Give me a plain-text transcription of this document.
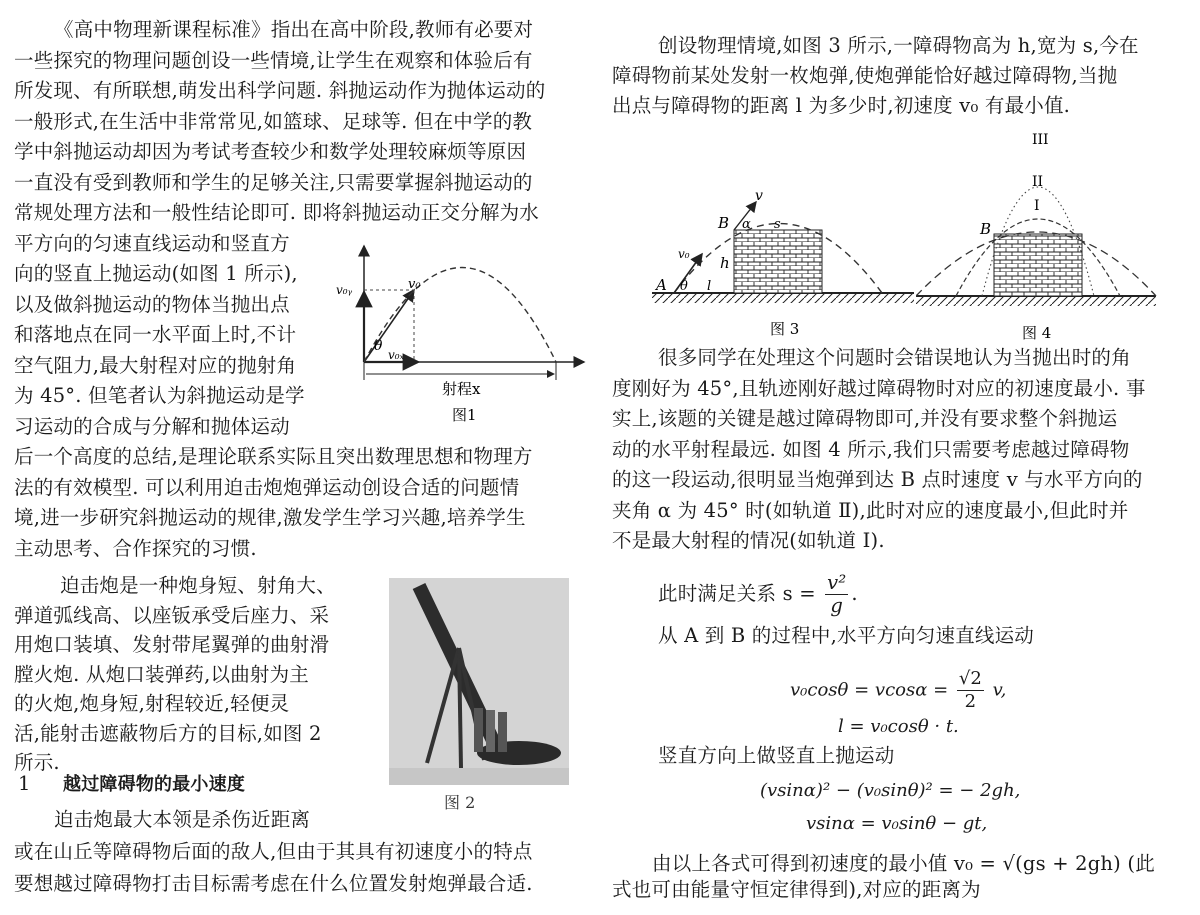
《高中物理新课程标准》指出在高中阶段,教师有必要对
一些探究的物理问题创设一些情境,让学生在观察和体验后有
所发现、有所联想,萌发出科学问题. 斜抛运动作为抛体运动的
一般形式,在生活中非常常见,如篮球、足球等. 但在中学的教
学中斜抛运动却因为考试考查较少和数学处理较麻烦等原因
一直没有受到教师和学生的足够关注,只需要掌握斜抛运动的
常规处理方法和一般性结论即可. 即将斜抛运动正交分解为水
平方向的匀速直线运动和竖直方
向的竖直上抛运动(如图 1 所示),
以及做斜抛运动的物体当抛出点
和落地点在同一水平面上时,不计
空气阻力,最大射程对应的抛射角
为 45°. 但笔者认为斜抛运动是学
习运动的合成与分解和抛体运动
后一个高度的总结,是理论联系实际且突出数理思想和物理方
法的有效模型. 可以利用迫击炮炮弹运动创设合适的问题情
境,进一步研究斜抛运动的规律,激发学生学习兴趣,培养学生
主动思考、合作探究的习惯.
v₀
v₀ᵧ
v₀ₓ
θ
射程x
图1
迫击炮是一种炮身短、射角大、
弹道弧线高、以座钣承受后座力、采
用炮口装填、发射带尾翼弹的曲射滑
膛火炮. 从炮口装弹药,以曲射为主
的火炮,炮身短,射程较近,轻便灵
活,能射击遮蔽物后方的目标,如图 2
所示.
图 2
1 越过障碍物的最小速度
迫击炮最大本领是杀伤近距离
或在山丘等障碍物后面的敌人,但由于其具有初速度小的特点
要想越过障碍物打击目标需考虑在什么位置发射炮弹最合适.
创设物理情境,如图 3 所示,一障碍物高为 h,宽为 s,今在
障碍物前某处发射一枚炮弹,使炮弹能恰好越过障碍物,当抛
出点与障碍物的距离 l 为多少时,初速度 v₀ 有最小值.
v
B α s
v₀ h
A θ l
图 3
III
II
I
B
图 4
很多同学在处理这个问题时会错误地认为当抛出时的角
度刚好为 45°,且轨迹刚好越过障碍物时对应的初速度最小. 事
实上,该题的关键是越过障碍物即可,并没有要求整个斜抛运
动的水平射程最远. 如图 4 所示,我们只需要考虑越过障碍物
的这一段运动,很明显当炮弹到达 B 点时速度 v 与水平方向的
夹角 α 为 45° 时(如轨道 Ⅱ),此时对应的速度最小,但此时并
不是最大射程的情况(如轨道 Ⅰ).
此时满足关系 $s = \frac{\text{v²}}{g}$ .
从 A 到 B 的过程中,水平方向匀速直线运动
$v_0\cos\theta = vcos\alpha = \frac{√2}{2} v$,
l = v₀cosθ · t.
竖直方向上做竖直上抛运动
(vsinα)² − (v₀sinθ)² = − 2gh,
vsinα = v₀sinθ − gt,
由以上各式可得到初速度的最小值 v₀ = √(gs + 2gh) (此
式也可由能量守恒定律得到),对应的距离为
